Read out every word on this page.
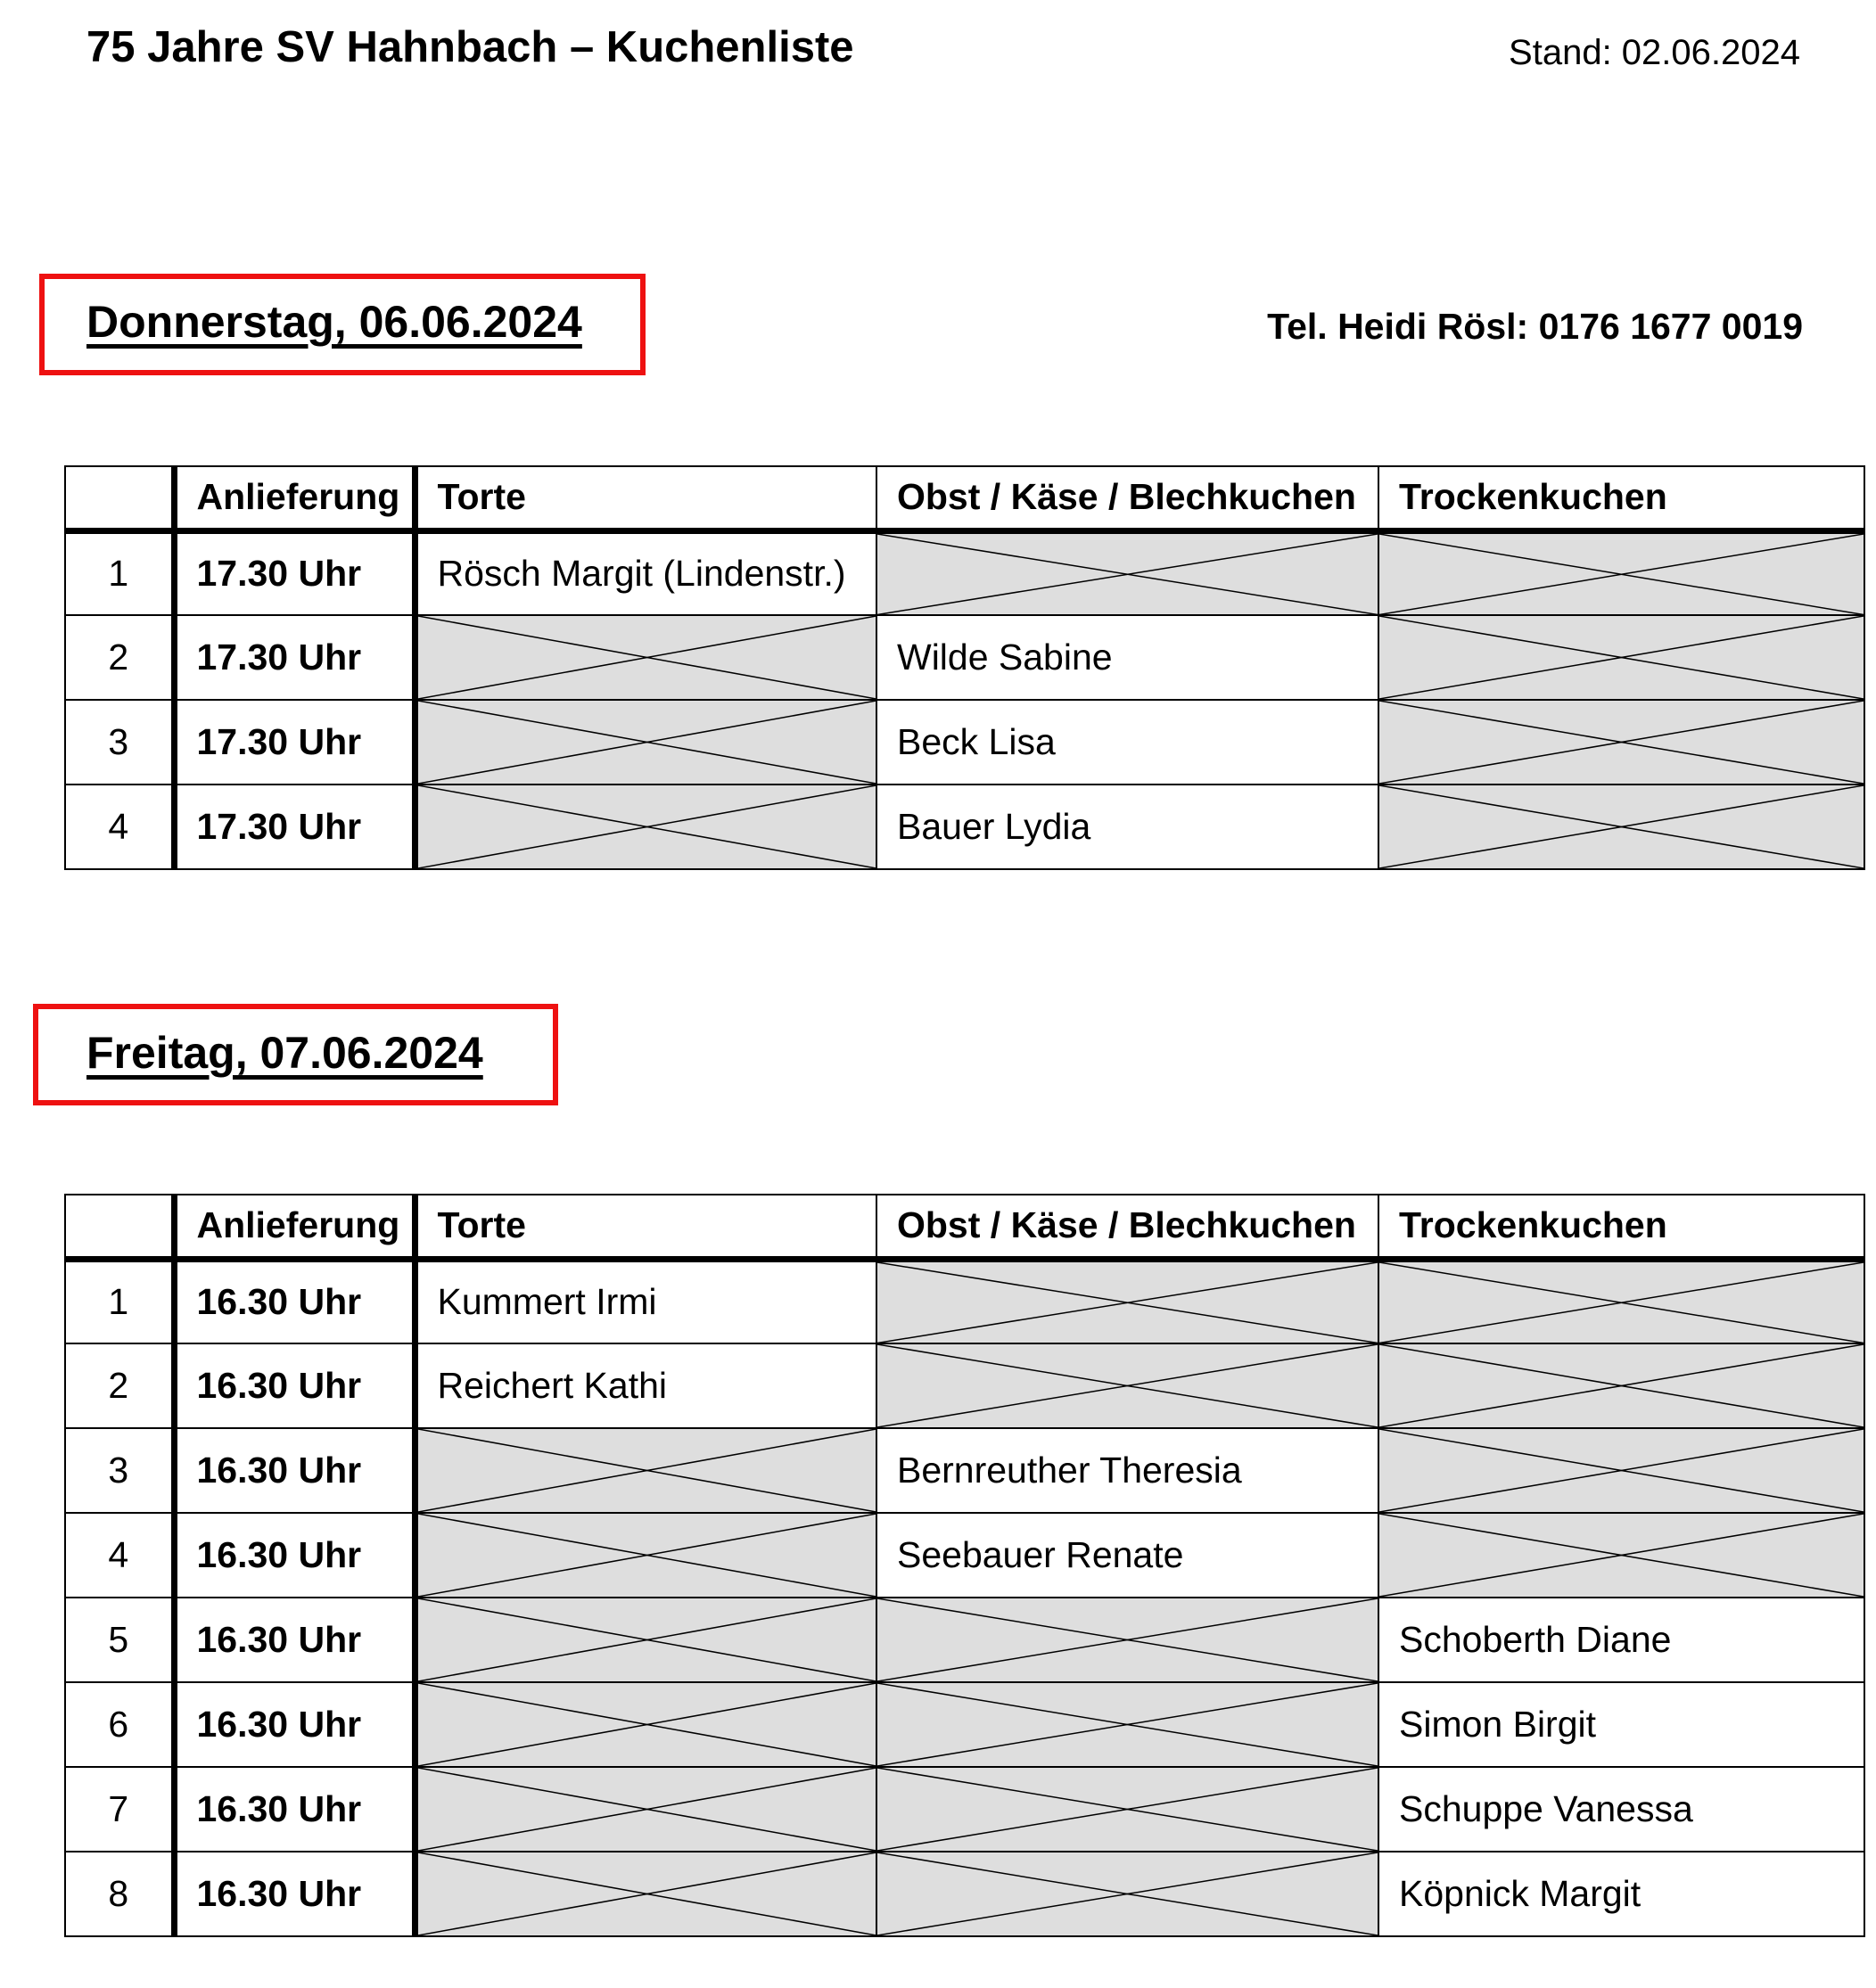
75 Jahre SV Hahnbach – Kuchenliste	Stand: 02.06.2024
Donnerstag, 06.06.2024	Tel. Heidi Rösl: 0176 1677 0019
	Anlieferung	Torte	Obst / Käse / Blechkuchen	Trockenkuchen
1	17.30 Uhr	Rösch Margit (Lindenstr.)	

2	17.30 Uhr		Wilde Sabine	

3	17.30 Uhr		Beck Lisa	

4	17.30 Uhr		Bauer Lydia	
Freitag, 07.06.2024
	Anlieferung	Torte	Obst / Käse / Blechkuchen	Trockenkuchen
1	16.30 Uhr	Kummert Irmi	

2	16.30 Uhr	Reichert Kathi	

3	16.30 Uhr		Bernreuther Theresia	

4	16.30 Uhr		Seebauer Renate	

5	16.30 Uhr			Schoberth Diane
6	16.30 Uhr			Simon Birgit
7	16.30 Uhr			Schuppe Vanessa
8	16.30 Uhr			Köpnick Margit
